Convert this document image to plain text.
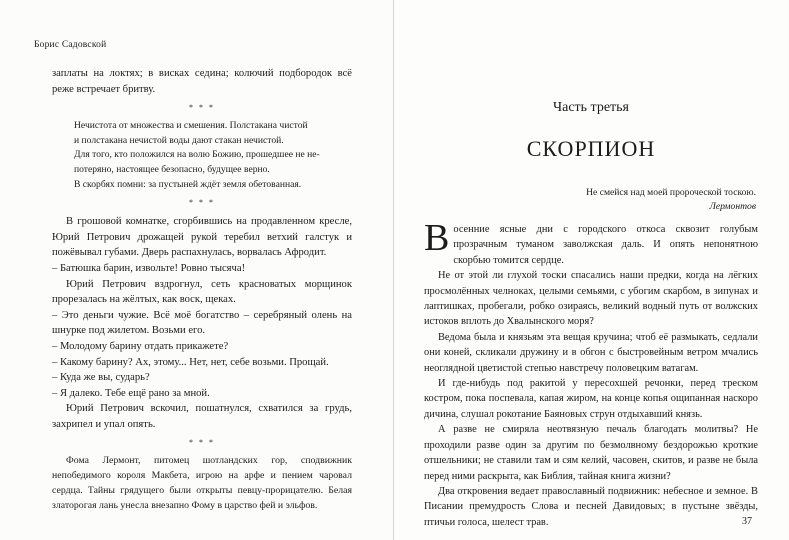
Борис Садовской

заплаты на локтях; в висках седина; колючий подбородок всё реже встречает бритву.

* * *

Нечистота от множества и смешения. Полстакана чистой

и полстакана нечистой воды дают стакан нечистой.

Для того, кто положился на волю Божию, прошедшее не не-

потеряно, настоящее безопасно, будущее верно.

В скорбях помни: за пустыней ждёт земля обетованная.

* * *

В грошовой комнатке, сгорбившись на продавленном кресле, Юрий Петрович дрожащей рукой теребил ветхий галстук и пожёвывал губами. Дверь распахнулась, ворвалась Афродит.

– Батюшка барин, извольте! Ровно тысяча!

Юрий Петрович вздрогнул, сеть красноватых морщинок прорезалась на жёлтых, как воск, щеках.

– Это деньги чужие. Всё моё богатство – серебряный олень на шнурке под жилетом. Возьми его.

– Молодому барину отдать прикажете?

– Какому барину? Ах, этому... Нет, нет, себе возьми. Прощай.

– Куда же вы, сударь?

– Я далеко. Тебе ещё рано за мной.

Юрий Петрович вскочил, пошатнулся, схватился за грудь, захрипел и упал опять.

* * *

Фома Лермонт, питомец шотландских гор, сподвижник непобедимого короля Макбета, игрою на арфе и пением чаровал сердца. Тайны грядущего были открыты певцу-прорицателю. Белая златорогая лань унесла внезапно Фому в царство фей и эльфов.

Часть третья
СКОРПИОН
Не смейся над моей пророческой тоскою.
Лермонтов

Восенние ясные дни с городского откоса сквозит голубым прозрачным туманом заволжская даль. И опять непонятною скорбью томится сердце.

Не от этой ли глухой тоски спасались наши предки, когда на лёгких просмолённых челноках, целыми семьями, с убогим скарбом, в зипунах и лаптишках, пробегали, робко озираясь, великий водный путь от волжских истоков вплоть до Хвалынского моря?

Ведома была и князьям эта вещая кручина; чтоб её размыкать, седлали они коней, скликали дружину и в обгон с быстровейным ветром мчались неоглядной цветистой степью навстречу половецким ватагам.

И где-нибудь под ракитой у пересохшей речонки, перед треском костром, пока поспевала, капая жиром, на конце копья ощипанная наскоро дичина, слушал рокотание Баяновых струн отдыхавший князь.

А разве не смиряла неотвязную печаль благодать молитвы? Не проходили разве один за другим по безмолвному бездорожью кроткие отшельники; не ставили там и сям келий, часовен, скитов, и разве не была перед ними раскрыта, как Библия, тайная книга жизни?

Два откровения ведает православный подвижник: небесное и земное. В Писании премудрость Слова и песней Давидовых; в пустыне звёзды, птичьи голоса, шелест трав.	37
